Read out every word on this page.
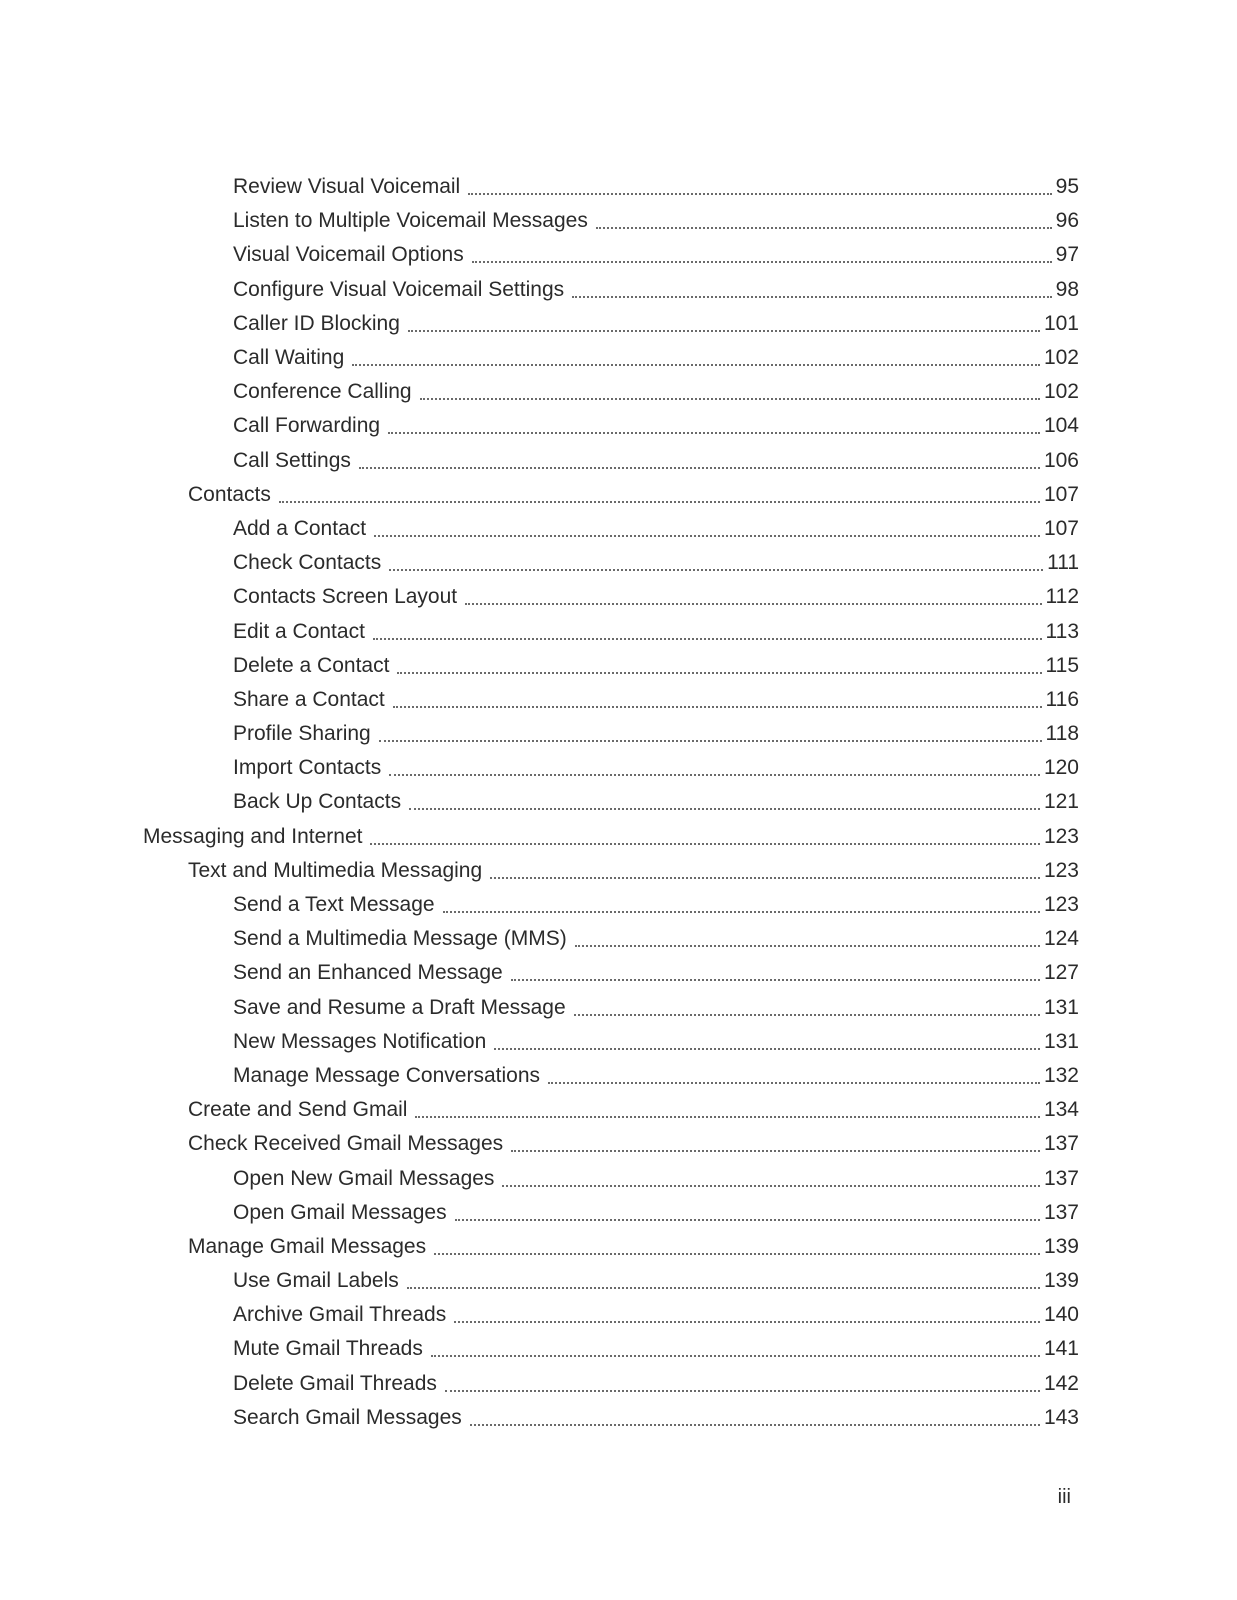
Review Visual Voicemail	95
Listen to Multiple Voicemail Messages	96
Visual Voicemail Options	97
Configure Visual Voicemail Settings	98
Caller ID Blocking	101
Call Waiting	102
Conference Calling	102
Call Forwarding	104
Call Settings	106
Contacts	107
Add a Contact	107
Check Contacts	111
Contacts Screen Layout	112
Edit a Contact	113
Delete a Contact	115
Share a Contact	116
Profile Sharing	118
Import Contacts	120
Back Up Contacts	121
Messaging and Internet	123
Text and Multimedia Messaging	123
Send a Text Message	123
Send a Multimedia Message (MMS)	124
Send an Enhanced Message	127
Save and Resume a Draft Message	131
New Messages Notification	131
Manage Message Conversations	132
Create and Send Gmail	134
Check Received Gmail Messages	137
Open New Gmail Messages	137
Open Gmail Messages	137
Manage Gmail Messages	139
Use Gmail Labels	139
Archive Gmail Threads	140
Mute Gmail Threads	141
Delete Gmail Threads	142
Search Gmail Messages	143
iii
